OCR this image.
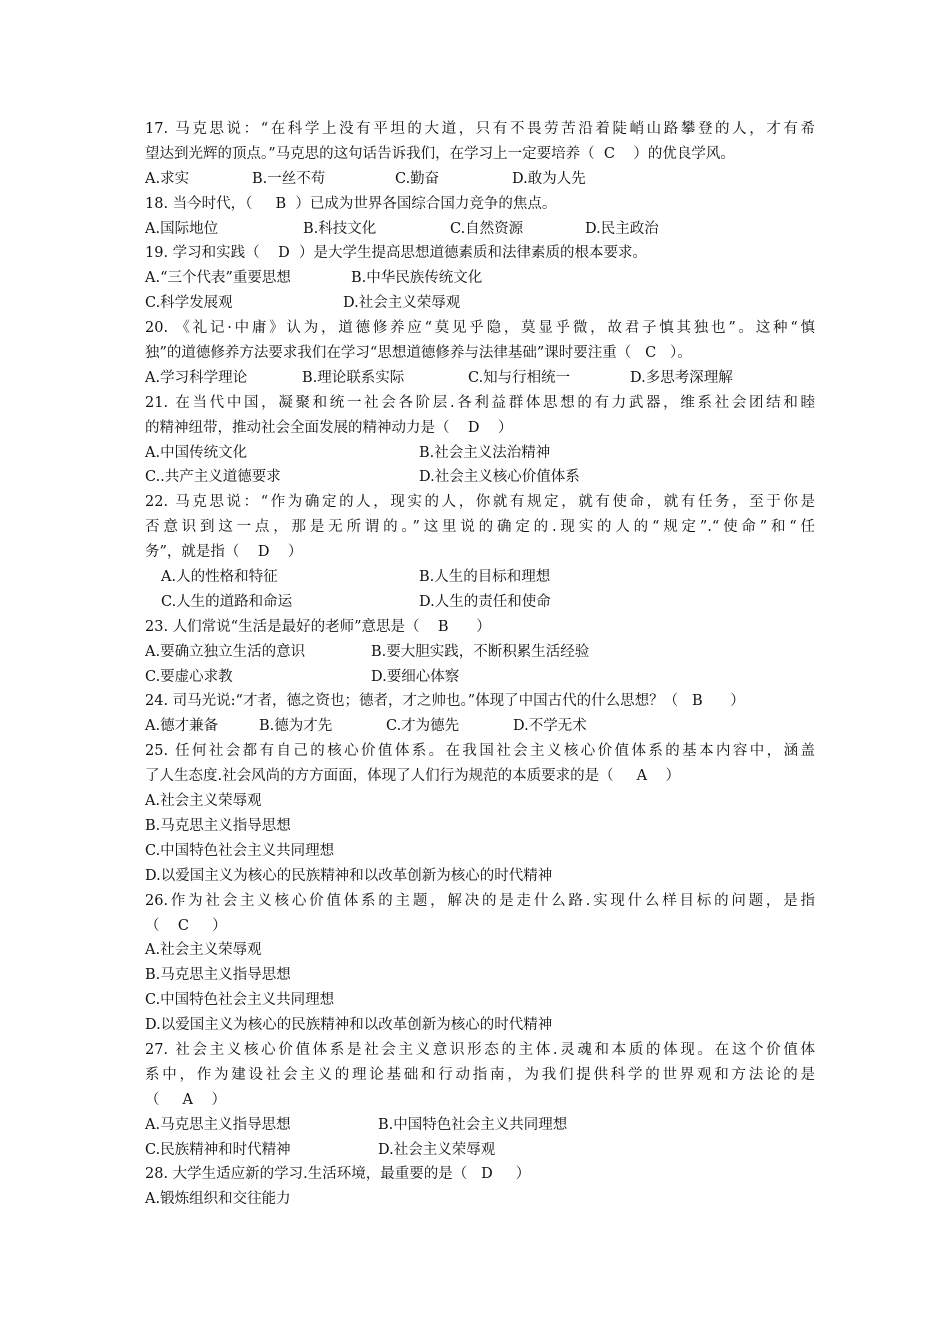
17. 马克思说：“在科学上没有平坦的大道，只有不畏劳苦沿着陡峭山路攀登的人，才有希
望达到光辉的顶点。”马克思的这句话告诉我们，在学习上一定要培养（  C    ）的优良学风。
A.求实	B.一丝不苟	C.勤奋	D.敢为人先
18. 当今时代，（     B  ）已成为世界各国综合国力竞争的焦点。
A.国际地位	B.科技文化	C.自然资源	D.民主政治
19. 学习和实践（    D  ）是大学生提高思想道德素质和法律素质的根本要求。
A.“三个代表”重要思想	B.中华民族传统文化
C.科学发展观	D.社会主义荣辱观
20. 《礼记·中庸》认为，道德修养应“莫见乎隐，莫显乎微，故君子慎其独也”。这种“慎
独”的道德修养方法要求我们在学习“思想道德修养与法律基础”课时要注重（   C   ）。
A.学习科学理论	B.理论联系实际	C.知与行相统一	D.多思考深理解
21. 在当代中国，凝聚和统一社会各阶层.各利益群体思想的有力武器，维系社会团结和睦
的精神纽带，推动社会全面发展的精神动力是（    D    ）
A.中国传统文化	B.社会主义法治精神
C..共产主义道德要求	D.社会主义核心价值体系
22. 马克思说：“作为确定的人，现实的人，你就有规定，就有使命，就有任务，至于你是
否意识到这一点，那是无所谓的。”这里说的确定的.现实的人的“规定”.“使命”和“任
务”，就是指（    D    ）
A.人的性格和特征	B.人生的目标和理想
C.人生的道路和命运	D.人生的责任和使命
23. 人们常说“生活是最好的老师”意思是（    B      ）
A.要确立独立生活的意识	B.要大胆实践，不断积累生活经验
C.要虚心求教	D.要细心体察
24. 司马光说:“才者，德之资也；德者，才之帅也。”体现了中国古代的什么思想？（   B      ）
A.德才兼备	B.德为才先	C.才为德先	D.不学无术
25. 任何社会都有自己的核心价值体系。在我国社会主义核心价值体系的基本内容中，涵盖
了人生态度.社会风尚的方方面面，体现了人们行为规范的本质要求的是（     A    ）
A.社会主义荣辱观
B.马克思主义指导思想
C.中国特色社会主义共同理想
D.以爱国主义为核心的民族精神和以改革创新为核心的时代精神
26.作为社会主义核心价值体系的主题，解决的是走什么路.实现什么样目标的问题，是指
（    C     ）
A.社会主义荣辱观
B.马克思主义指导思想
C.中国特色社会主义共同理想
D.以爱国主义为核心的民族精神和以改革创新为核心的时代精神
27. 社会主义核心价值体系是社会主义意识形态的主体.灵魂和本质的体现。在这个价值体
系中，作为建设社会主义的理论基础和行动指南，为我们提供科学的世界观和方法论的是
（     A    ）
A.马克思主义指导思想	B.中国特色社会主义共同理想
C.民族精神和时代精神	D.社会主义荣辱观
28. 大学生适应新的学习.生活环境，最重要的是（   D     ）
A.锻炼组织和交往能力
